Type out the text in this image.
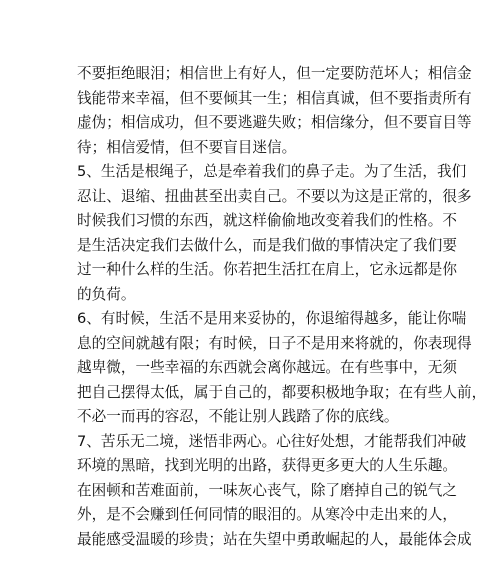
不要拒绝眼泪；相信世上有好人，但一定要防范坏人；相信金
钱能带来幸福，但不要倾其一生；相信真诚，但不要指责所有
虚伪；相信成功，但不要逃避失败；相信缘分，但不要盲目等
待；相信爱情，但不要盲目迷信。
5、生活是根绳子，总是牵着我们的鼻子走。为了生活，我们
忍让、退缩、扭曲甚至出卖自己。不要以为这是正常的，很多
时候我们习惯的东西，就这样偷偷地改变着我们的性格。不
是生活决定我们去做什么，而是我们做的事情决定了我们要
过一种什么样的生活。你若把生活扛在肩上，它永远都是你
的负荷。
6、有时候，生活不是用来妥协的，你退缩得越多，能让你喘
息的空间就越有限；有时候，日子不是用来将就的，你表现得
越卑微，一些幸福的东西就会离你越远。在有些事中，无须
把自己摆得太低，属于自己的，都要积极地争取；在有些人前，
不必一而再的容忍，不能让别人践踏了你的底线。
7、苦乐无二境，迷悟非两心。心往好处想，才能帮我们冲破
环境的黑暗，找到光明的出路，获得更多更大的人生乐趣。
在困顿和苦难面前，一味灰心丧气，除了磨掉自己的锐气之
外，是不会赚到任何同情的眼泪的。从寒冷中走出来的人，
最能感受温暖的珍贵；站在失望中勇敢崛起的人，最能体会成
